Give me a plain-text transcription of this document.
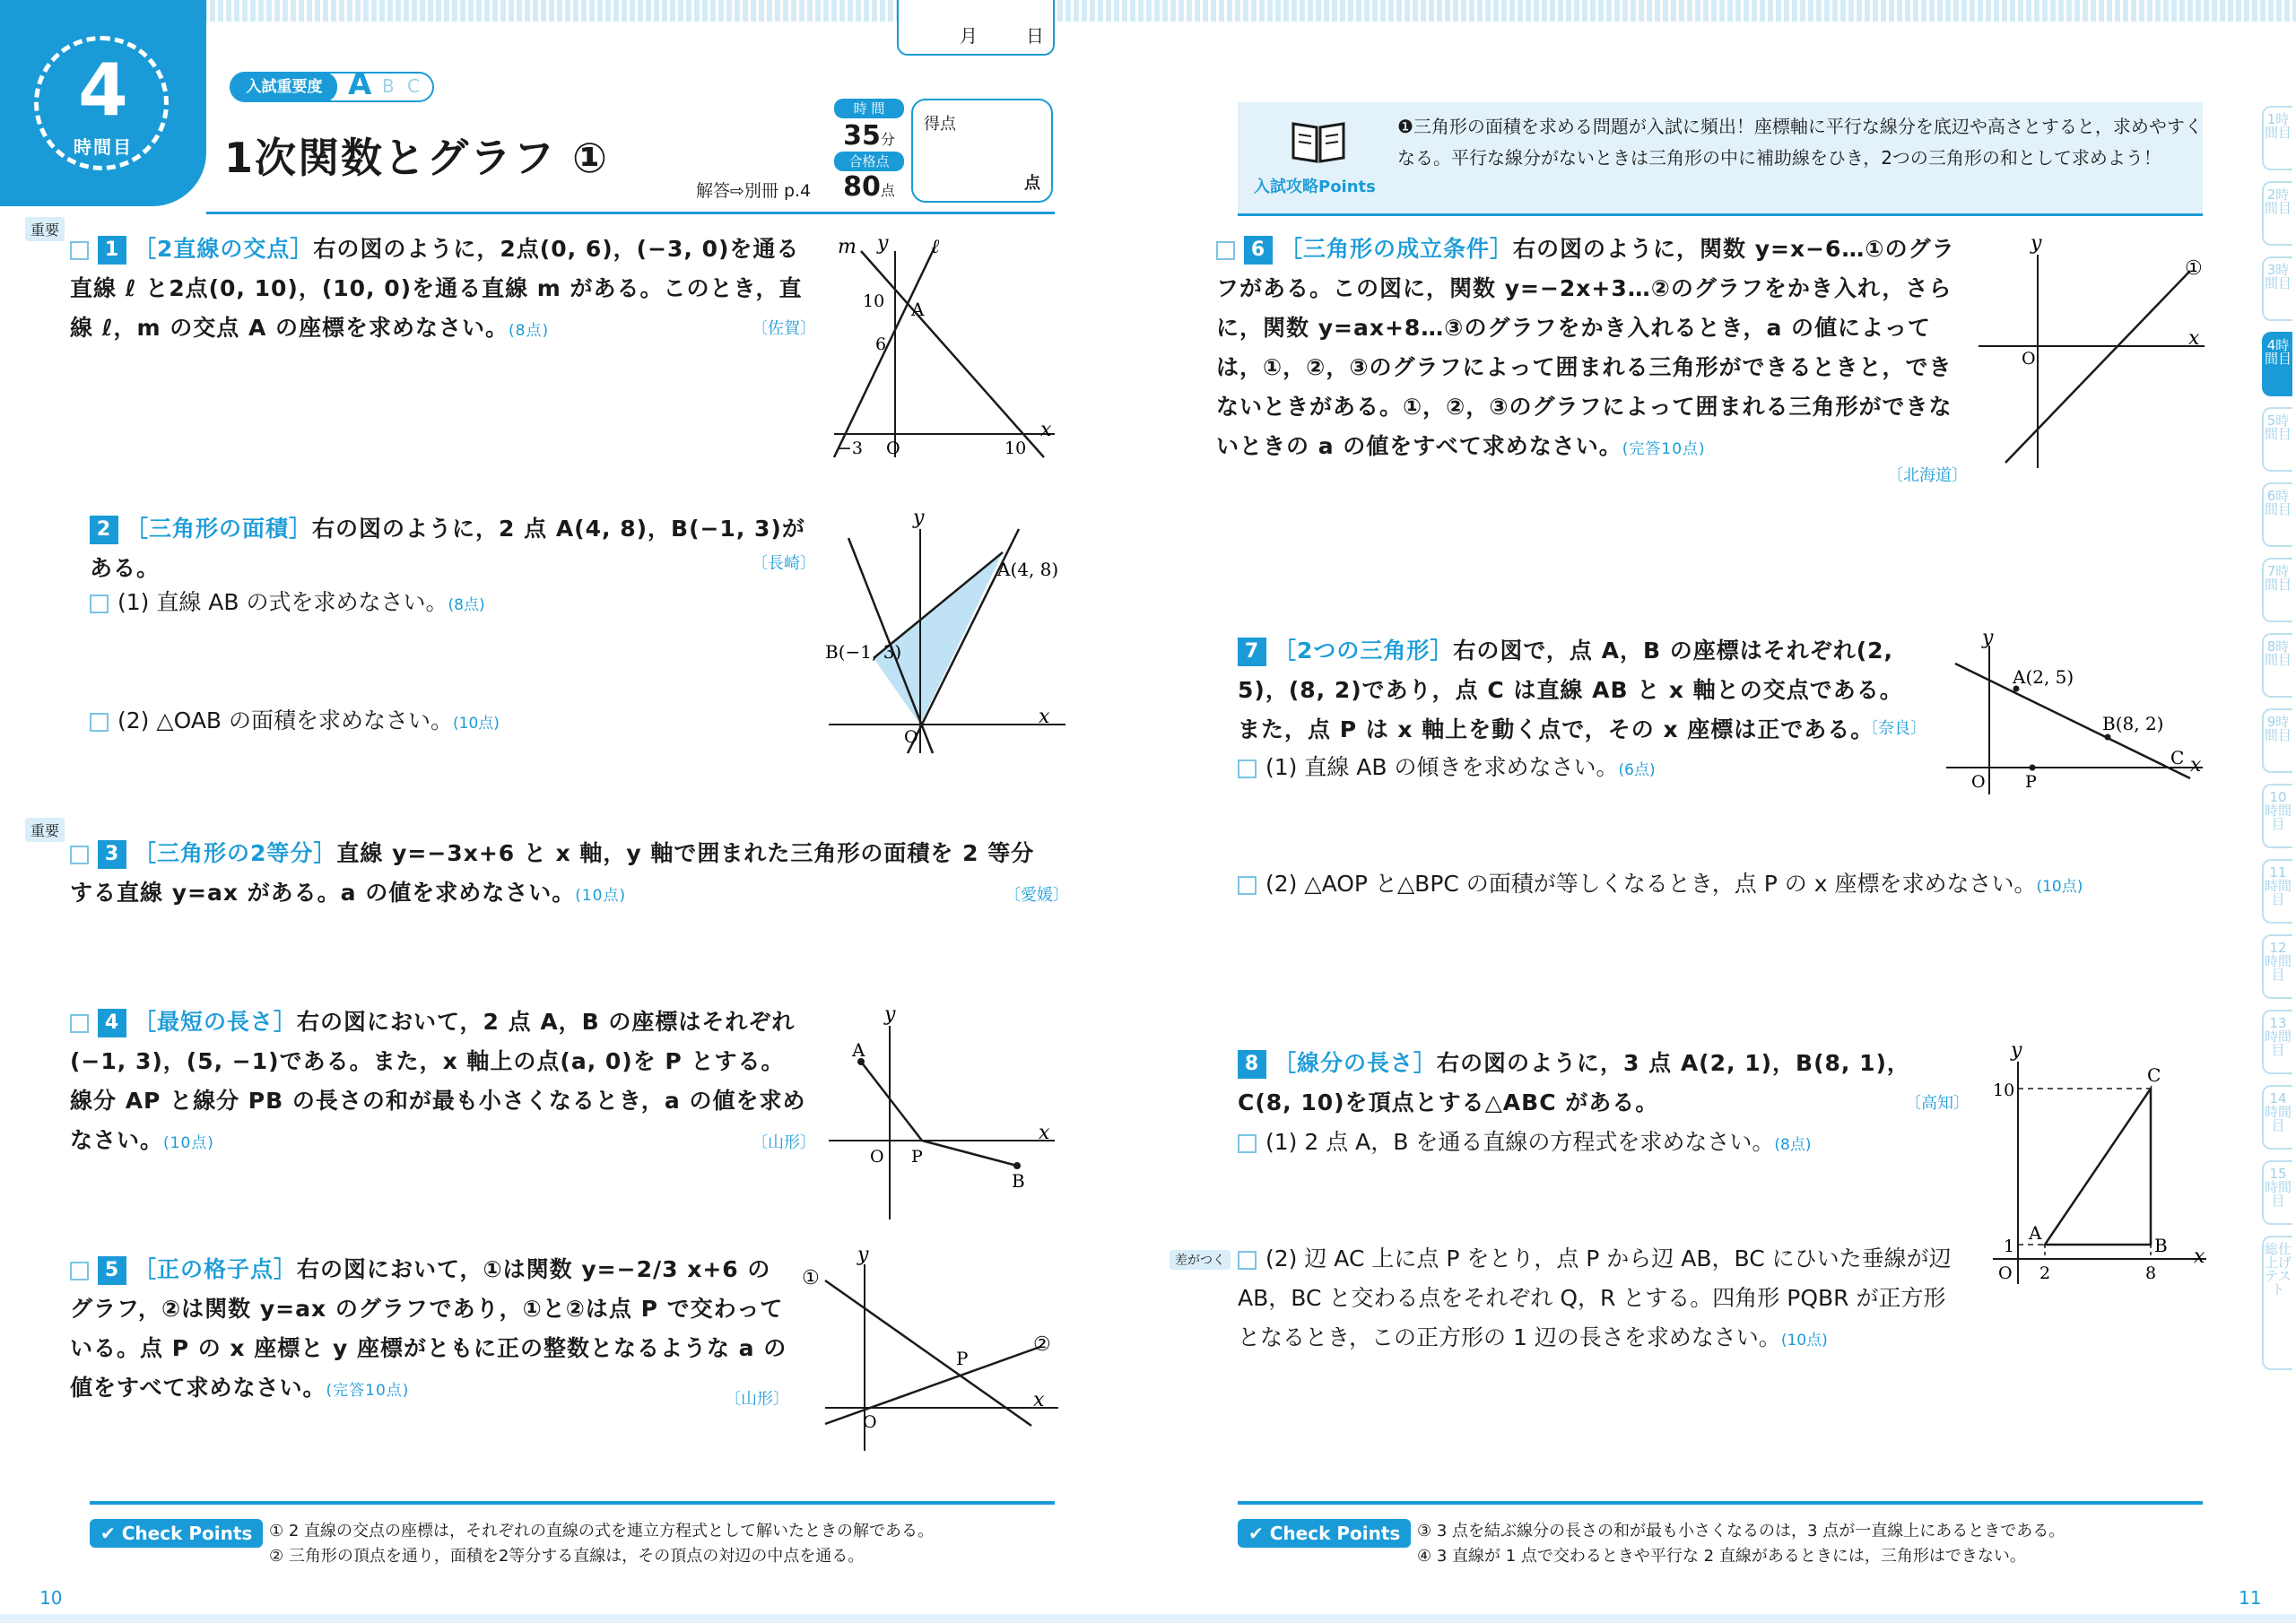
4
時間目
入試重要度 A B C
1次関数とグラフ ①
解答⇨別冊 p.4
時 間
35分
合格点
80点
得点
点
月	日
入試攻略Points
❶三角形の面積を求める問題が入試に頻出！座標軸に平行な線分を底辺や高さとすると，求めやすくなる。平行な線分がないときは三角形の中に補助線をひき，2つの三角形の和として求めよう！
重要
1 ［2直線の交点］右の図のように，2点(0, 6)，(−3, 0)を通る直線 ℓ と2点(0, 10)，(10, 0)を通る直線 m がある。このとき，直線 ℓ，m の交点 A の座標を求めなさい。(8点)	〔佐賀〕
m y ℓ
10
6
A
−3 O	10
x
2 ［三角形の面積］右の図のように，2 点 A(4, 8)，B(−1, 3)がある。	〔長崎〕
(1) 直線 AB の式を求めなさい。(8点)
(2) △OAB の面積を求めなさい。(10点)
y
A(4, 8)
B(−1, 3)
O
x
重要
3 ［三角形の2等分］直線 y=−3x+6 と x 軸，y 軸で囲まれた三角形の面積を 2 等分する直線 y=ax がある。a の値を求めなさい。(10点)	〔愛媛〕
4 ［最短の長さ］右の図において，2 点 A，B の座標はそれぞれ(−1, 3)，(5, −1)である。また，x 軸上の点(a, 0)を P とする。線分 AP と線分 PB の長さの和が最も小さくなるとき，a の値を求めなさい。(10点)	〔山形〕
y
A
O P
B
x
5 ［正の格子点］右の図において，①は関数 y=−2/3 x+6 のグラフ，②は関数 y=ax のグラフであり，①と②は点 P で交わっている。点 P の x 座標と y 座標がともに正の整数となるような a の値をすべて求めなさい。(完答10点)	〔山形〕
y
①
②
P
O
x
6 ［三角形の成立条件］右の図のように，関数 y=x−6…①のグラフがある。この図に，関数 y=−2x+3…②のグラフをかき入れ，さらに，関数 y=ax+8…③のグラフをかき入れるとき，a の値によっては，①，②，③のグラフによって囲まれる三角形ができるときと，できないときがある。①，②，③のグラフによって囲まれる三角形ができないときの a の値をすべて求めなさい。(完答10点)
〔北海道〕
y
①
O
x
7 ［2つの三角形］右の図で，点 A，B の座標はそれぞれ(2, 5)，(8, 2)であり，点 C は直線 AB と x 軸との交点である。また，点 P は x 軸上を動く点で，その x 座標は正である。
〔奈良〕
(1) 直線 AB の傾きを求めなさい。(6点)
(2) △AOP と△BPC の面積が等しくなるとき，点 P の x 座標を求めなさい。(10点)
y
A(2, 5)
B(8, 2)
C
O P
x
8 ［線分の長さ］右の図のように，3 点 A(2, 1)，B(8, 1)，C(8, 10)を頂点とする△ABC がある。	〔高知〕
(1) 2 点 A，B を通る直線の方程式を求めなさい。(8点)
差がつく	(2) 辺 AC 上に点 P をとり，点 P から辺 AB，BC にひいた垂線が辺 AB，BC と交わる点をそれぞれ Q，R とする。四角形 PQBR が正方形となるとき，この正方形の 1 辺の長さを求めなさい。(10点)
y
10
C
1
A
B
O 2	8
x
✔ Check Points	① 2 直線の交点の座標は，それぞれの直線の式を連立方程式として解いたときの解である。
② 三角形の頂点を通り，面積を2等分する直線は，その頂点の対辺の中点を通る。
✔ Check Points	③ 3 点を結ぶ線分の長さの和が最も小さくなるのは，3 点が一直線上にあるときである。
④ 3 直線が 1 点で交わるときや平行な 2 直線があるときには，三角形はできない。
10	11
1時間目
2時間目
3時間目
4時間目
5時間目
6時間目
7時間目
8時間目
9時間目
10時間目
11時間目
12時間目
13時間目
14時間目
15時間目
総仕上げテスト
